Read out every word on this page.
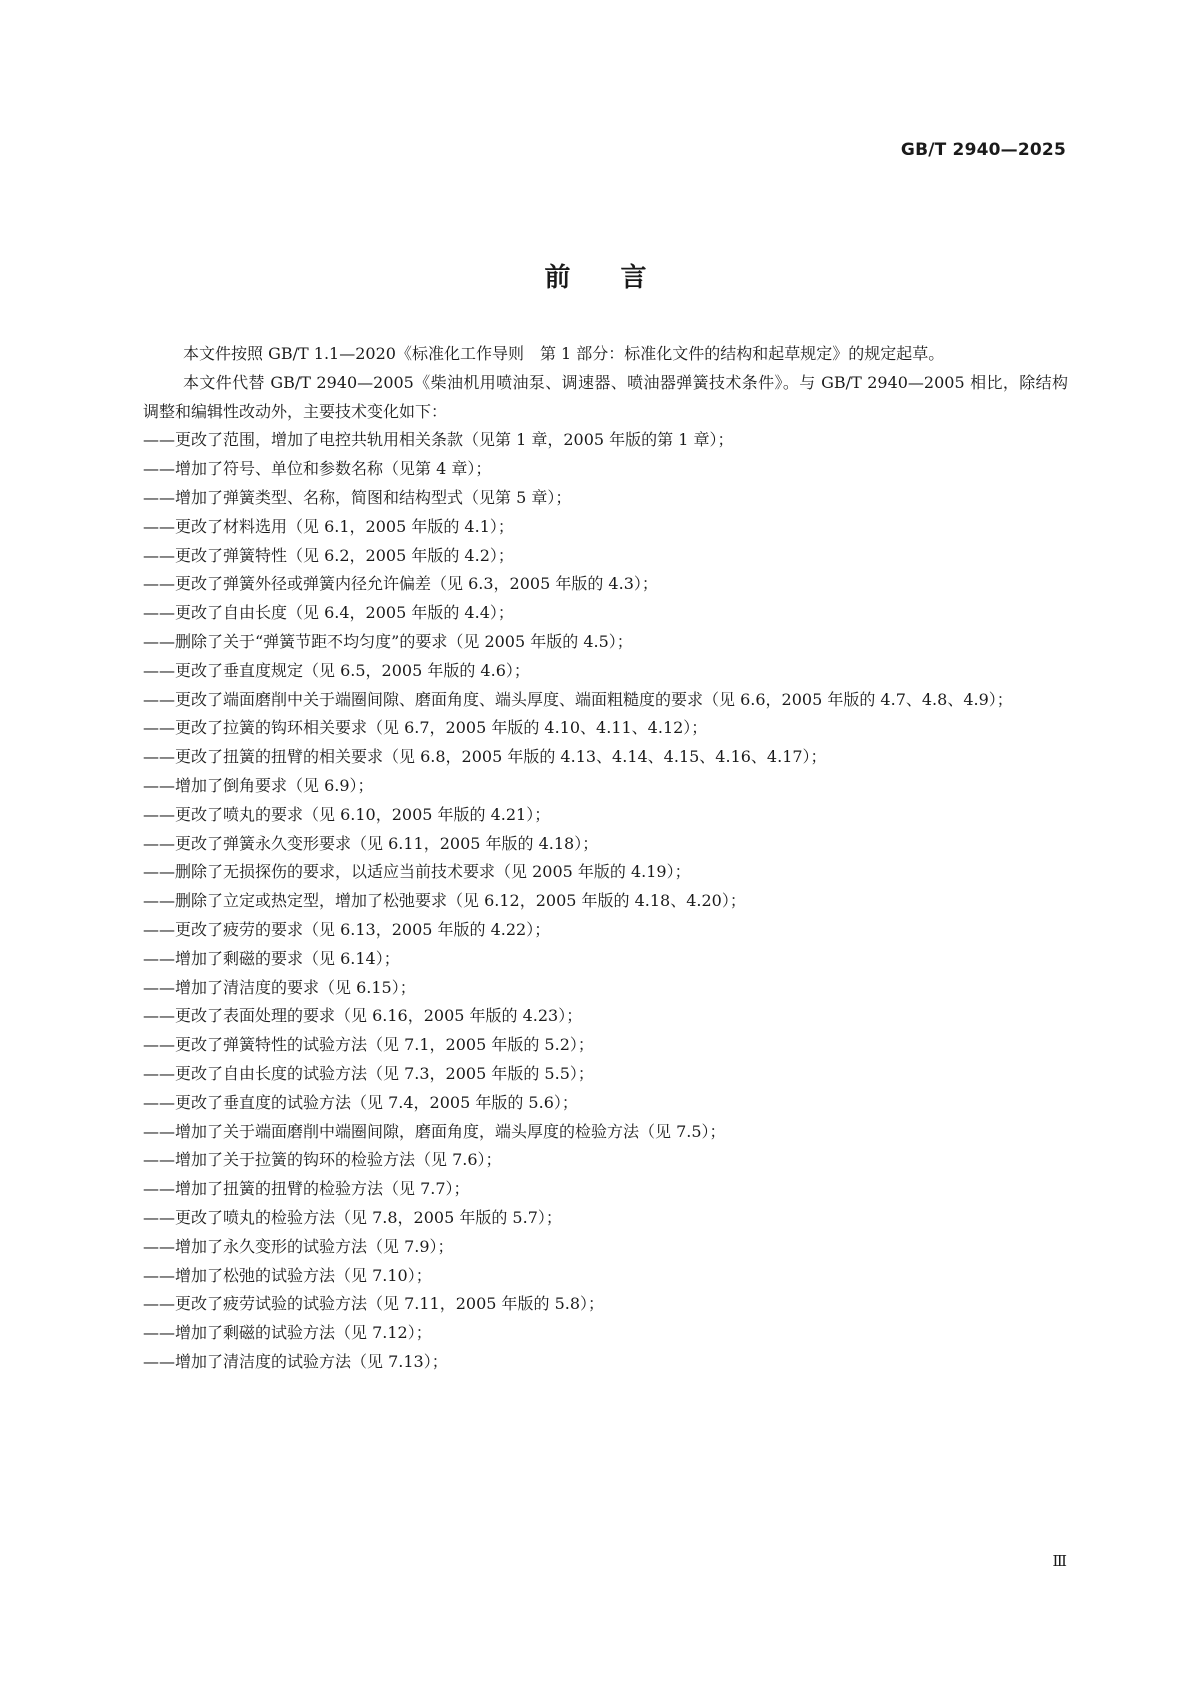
GB/T 2940—2025
前言

本文件按照 GB/T 1.1—2020《标准化工作导则　第 1 部分：标准化文件的结构和起草规定》的规定起草。

本文件代替 GB/T 2940—2005《柴油机用喷油泵、调速器、喷油器弹簧技术条件》。与 GB/T 2940—2005 相比，除结构调整和编辑性改动外，主要技术变化如下：

——更改了范围，增加了电控共轨用相关条款（见第 1 章，2005 年版的第 1 章）；
——增加了符号、单位和参数名称（见第 4 章）；
——增加了弹簧类型、名称，简图和结构型式（见第 5 章）；
——更改了材料选用（见 6.1，2005 年版的 4.1）；
——更改了弹簧特性（见 6.2，2005 年版的 4.2）；
——更改了弹簧外径或弹簧内径允许偏差（见 6.3，2005 年版的 4.3）；
——更改了自由长度（见 6.4，2005 年版的 4.4）；
——删除了关于“弹簧节距不均匀度”的要求（见 2005 年版的 4.5）；
——更改了垂直度规定（见 6.5，2005 年版的 4.6）；
——更改了端面磨削中关于端圈间隙、磨面角度、端头厚度、端面粗糙度的要求（见 6.6，2005 年版的 4.7、4.8、4.9）；
——更改了拉簧的钩环相关要求（见 6.7，2005 年版的 4.10、4.11、4.12）；
——更改了扭簧的扭臂的相关要求（见 6.8，2005 年版的 4.13、4.14、4.15、4.16、4.17）；
——增加了倒角要求（见 6.9）；
——更改了喷丸的要求（见 6.10，2005 年版的 4.21）；
——更改了弹簧永久变形要求（见 6.11，2005 年版的 4.18）；
——删除了无损探伤的要求，以适应当前技术要求（见 2005 年版的 4.19）；
——删除了立定或热定型，增加了松弛要求（见 6.12，2005 年版的 4.18、4.20）；
——更改了疲劳的要求（见 6.13，2005 年版的 4.22）；
——增加了剩磁的要求（见 6.14）；
——增加了清洁度的要求（见 6.15）；
——更改了表面处理的要求（见 6.16，2005 年版的 4.23）；
——更改了弹簧特性的试验方法（见 7.1，2005 年版的 5.2）；
——更改了自由长度的试验方法（见 7.3，2005 年版的 5.5）；
——更改了垂直度的试验方法（见 7.4，2005 年版的 5.6）；
——增加了关于端面磨削中端圈间隙，磨面角度，端头厚度的检验方法（见 7.5）；
——增加了关于拉簧的钩环的检验方法（见 7.6）；
——增加了扭簧的扭臂的检验方法（见 7.7）；
——更改了喷丸的检验方法（见 7.8，2005 年版的 5.7）；
——增加了永久变形的试验方法（见 7.9）；
——增加了松弛的试验方法（见 7.10）；
——更改了疲劳试验的试验方法（见 7.11，2005 年版的 5.8）；
——增加了剩磁的试验方法（见 7.12）；
——增加了清洁度的试验方法（见 7.13）；
Ⅲ
